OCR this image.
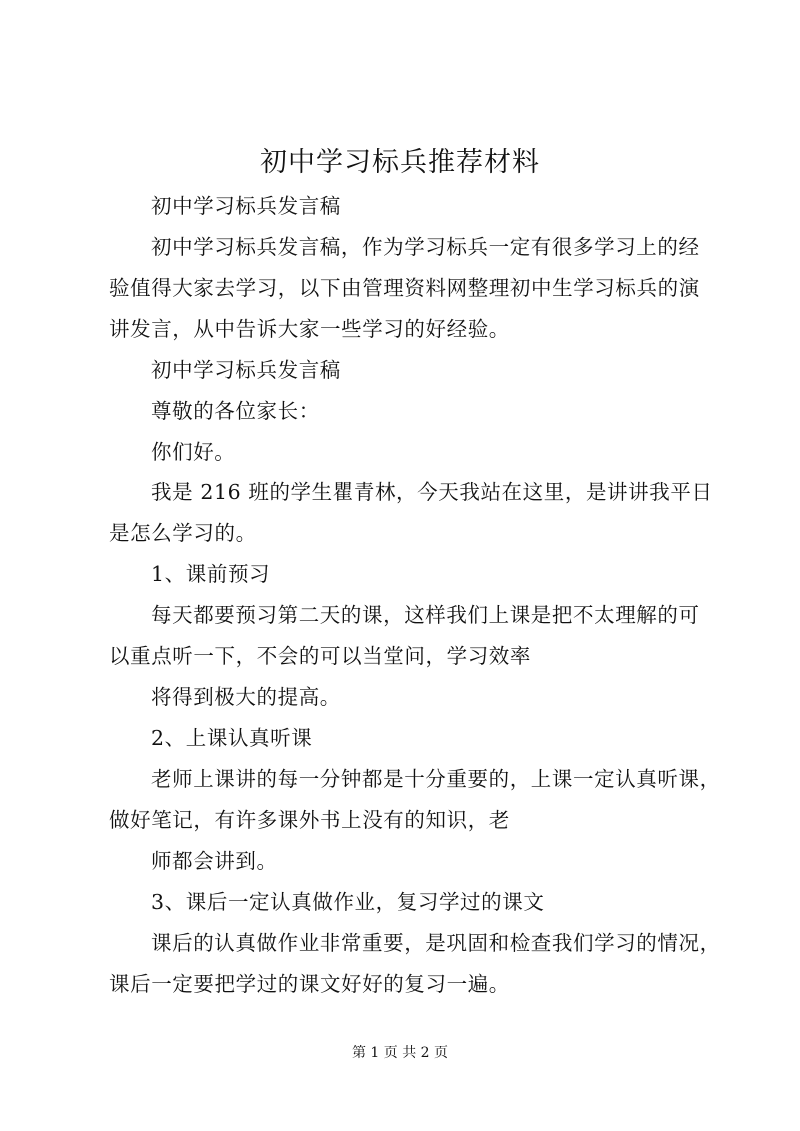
初中学习标兵推荐材料
初中学习标兵发言稿
初中学习标兵发言稿，作为学习标兵一定有很多学习上的经
验值得大家去学习，以下由管理资料网整理初中生学习标兵的演
讲发言，从中告诉大家一些学习的好经验。
初中学习标兵发言稿
尊敬的各位家长：
你们好。
我是 216 班的学生瞿青林，今天我站在这里，是讲讲我平日
是怎么学习的。
1、课前预习
每天都要预习第二天的课，这样我们上课是把不太理解的可
以重点听一下，不会的可以当堂问，学习效率
将得到极大的提高。
2、上课认真听课
老师上课讲的每一分钟都是十分重要的，上课一定认真听课，
做好笔记，有许多课外书上没有的知识，老
师都会讲到。
3、课后一定认真做作业，复习学过的课文
课后的认真做作业非常重要，是巩固和检查我们学习的情况，
课后一定要把学过的课文好好的复习一遍。
第 1 页 共 2 页
